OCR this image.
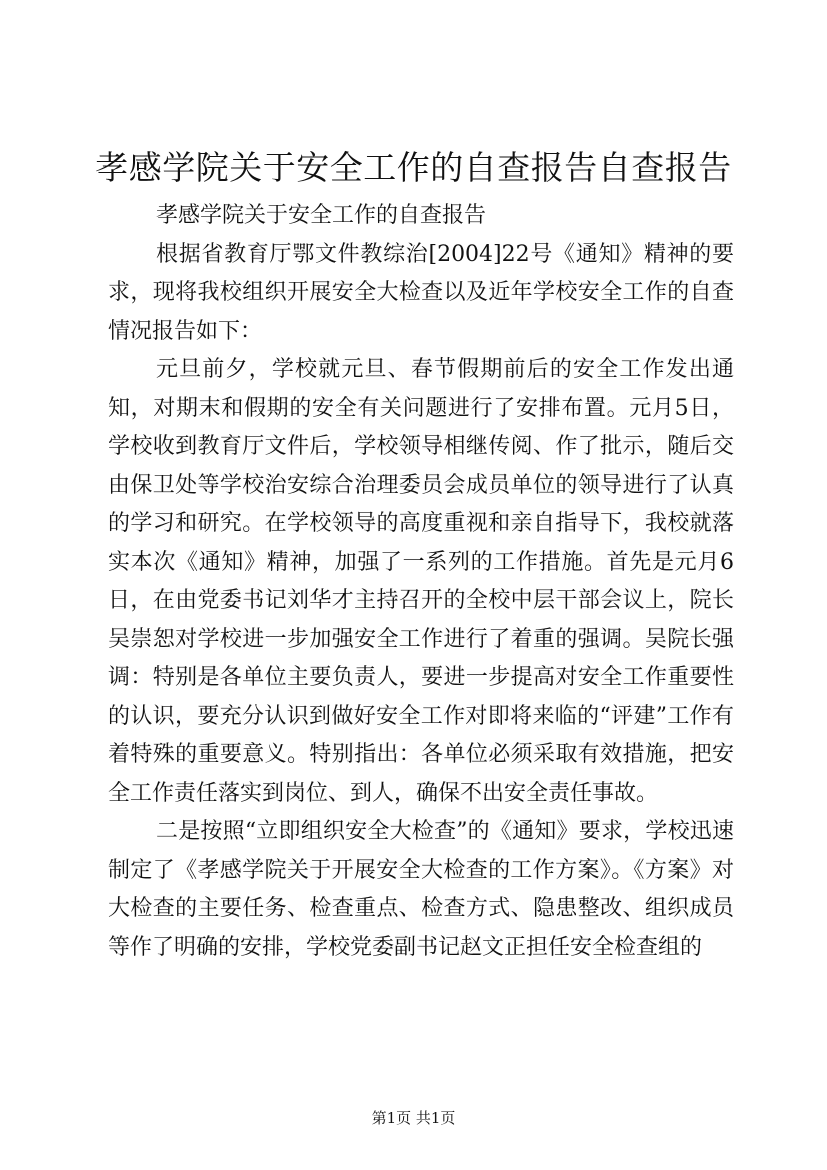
孝感学院关于安全工作的自查报告自查报告

孝感学院关于安全工作的自查报告

根据省教育厅鄂文件教综治[2004]22号《通知》精神的要求，现将我校组织开展安全大检查以及近年学校安全工作的自查情况报告如下：

元旦前夕，学校就元旦、春节假期前后的安全工作发出通知，对期末和假期的安全有关问题进行了安排布置。元月5日，学校收到教育厅文件后，学校领导相继传阅、作了批示，随后交由保卫处等学校治安综合治理委员会成员单位的领导进行了认真的学习和研究。在学校领导的高度重视和亲自指导下，我校就落实本次《通知》精神，加强了一系列的工作措施。首先是元月6日，在由党委书记刘华才主持召开的全校中层干部会议上，院长吴崇恕对学校进一步加强安全工作进行了着重的强调。吴院长强调：特别是各单位主要负责人，要进一步提高对安全工作重要性的认识，要充分认识到做好安全工作对即将来临的“评建”工作有着特殊的重要意义。特别指出：各单位必须采取有效措施，把安全工作责任落实到岗位、到人，确保不出安全责任事故。

二是按照“立即组织安全大检查”的《通知》要求，学校迅速制定了《孝感学院关于开展安全大检查的工作方案》。《方案》对大检查的主要任务、检查重点、检查方式、隐患整改、组织成员等作了明确的安排，学校党委副书记赵文正担任安全检查组的

第1页 共1页
